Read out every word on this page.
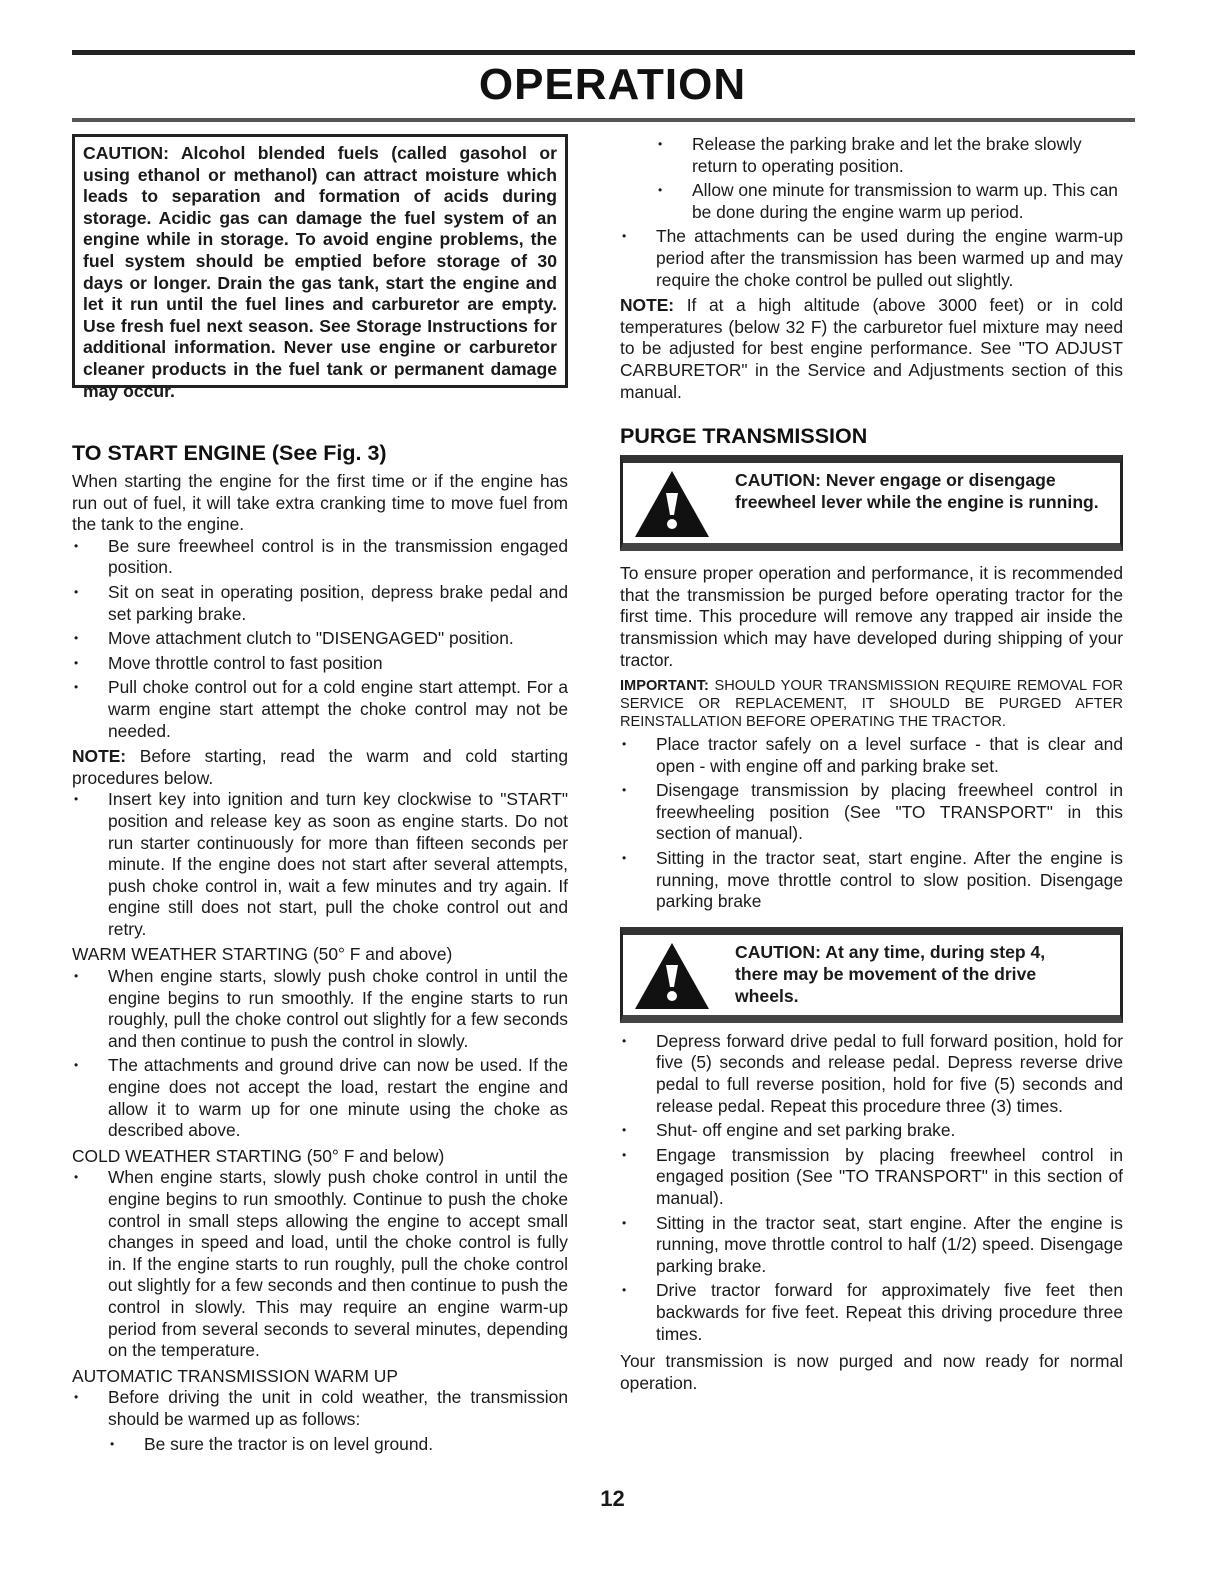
OPERATION
CAUTION: Alcohol blended fuels (called gasohol or using ethanol or methanol) can attract moisture which leads to separation and formation of acids during storage. Acidic gas can damage the fuel system of an engine while in storage. To avoid engine problems, the fuel system should be emptied before storage of 30 days or longer. Drain the gas tank, start the engine and let it run until the fuel lines and carburetor are empty. Use fresh fuel next season. See Storage Instructions for additional information. Never use engine or carburetor cleaner products in the fuel tank or permanent damage may occur.
TO START ENGINE (See Fig. 3)

When starting the engine for the first time or if the engine has run out of fuel, it will take extra cranking time to move fuel from the tank to the engine.

• Be sure freewheel control is in the transmission engaged position.
• Sit on seat in operating position, depress brake pedal and set parking brake.
• Move attachment clutch to "DISENGAGED" position.
• Move throttle control to fast position
• Pull choke control out for a cold engine start attempt. For a warm engine start attempt the choke control may not be needed.

NOTE: Before starting, read the warm and cold starting procedures below.

• Insert key into ignition and turn key clockwise to "START" position and release key as soon as engine starts. Do not run starter continuously for more than fifteen seconds per minute. If the engine does not start after several attempts, push choke control in, wait a few minutes and try again. If engine still does not start, pull the choke control out and retry.

WARM WEATHER STARTING (50° F and above)

• When engine starts, slowly push choke control in until the engine begins to run smoothly. If the engine starts to run roughly, pull the choke control out slightly for a few seconds and then continue to push the control in slowly.
• The attachments and ground drive can now be used. If the engine does not accept the load, restart the engine and allow it to warm up for one minute using the choke as described above.

COLD WEATHER STARTING (50° F and below)

• When engine starts, slowly push choke control in until the engine begins to run smoothly. Continue to push the choke control in small steps allowing the engine to accept small changes in speed and load, until the choke control is fully in. If the engine starts to run roughly, pull the choke control out slightly for a few seconds and then continue to push the control in slowly. This may require an engine warm-up period from several seconds to several minutes, depending on the temperature.

AUTOMATIC TRANSMISSION WARM UP

• Before driving the unit in cold weather, the transmission should be warmed up as follows:
• Be sure the tractor is on level ground.
• Release the parking brake and let the brake slowly return to operating position.
• Allow one minute for transmission to warm up. This can be done during the engine warm up period.
• The attachments can be used during the engine warm-up period after the transmission has been warmed up and may require the choke control be pulled out slightly.

NOTE: If at a high altitude (above 3000 feet) or in cold temperatures (below 32 F) the carburetor fuel mixture may need to be adjusted for best engine performance. See "TO ADJUST CARBURETOR" in the Service and Adjustments section of this manual.

PURGE TRANSMISSION
CAUTION: Never engage or disengage freewheel lever while the engine is running.

To ensure proper operation and performance, it is recommended that the transmission be purged before operating tractor for the first time. This procedure will remove any trapped air inside the transmission which may have developed during shipping of your tractor.

IMPORTANT: SHOULD YOUR TRANSMISSION REQUIRE REMOVAL FOR SERVICE OR REPLACEMENT, IT SHOULD BE PURGED AFTER REINSTALLATION BEFORE OPERATING THE TRACTOR.

• Place tractor safely on a level surface - that is clear and open - with engine off and parking brake set.
• Disengage transmission by placing freewheel control in freewheeling position (See "TO TRANSPORT" in this section of manual).
• Sitting in the tractor seat, start engine. After the engine is running, move throttle control to slow position. Disengage parking brake
CAUTION: At any time, during step 4, there may be movement of the drive wheels.
• Depress forward drive pedal to full forward position, hold for five (5) seconds and release pedal. Depress reverse drive pedal to full reverse position, hold for five (5) seconds and release pedal. Repeat this procedure three (3) times.
• Shut- off engine and set parking brake.
• Engage transmission by placing freewheel control in engaged position (See "TO TRANSPORT" in this section of manual).
• Sitting in the tractor seat, start engine. After the engine is running, move throttle control to half (1/2) speed. Disengage parking brake.
• Drive tractor forward for approximately five feet then backwards for five feet. Repeat this driving procedure three times.

Your transmission is now purged and now ready for normal operation.

12
